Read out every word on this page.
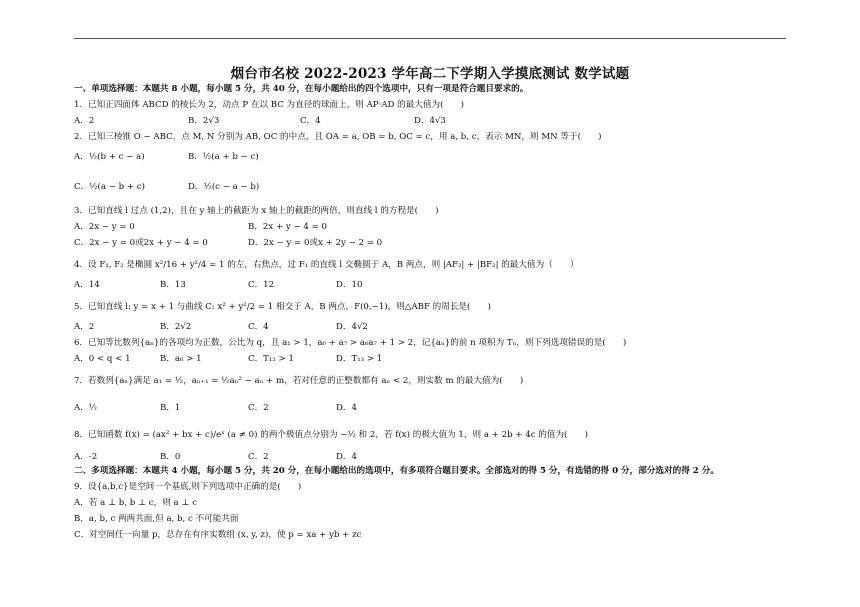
烟台市名校 2022-2023 学年高二下学期入学摸底测试 数学试题
一、单项选择题：本题共 8 小题，每小题 5 分，共 40 分，在每小题给出的四个选项中，只有一项是符合题目要求的。
1．已知正四面体 ABCD 的棱长为 2，动点 P 在以 BC 为直径的球面上，则 AP·AD 的最大值为(　　)
A．2	B．2√3	C．4	D．4√3
2．已知三棱锥 O − ABC，点 M, N 分别为 AB, OC 的中点，且 OA = a, OB = b, OC = c，用 a, b, c，表示 MN，则 MN 等于(　　)
A．½(b + c − a)	B．½(a + b − c)
C．½(a − b + c)	D．½(c − a − b)
3．已知直线 l 过点 (1,2)，且在 y 轴上的截距为 x 轴上的截距的两倍，则直线 l 的方程是(　　)
A．2x − y = 0	B．2x + y − 4 = 0
C．2x − y = 0或2x + y − 4 = 0	D．2x − y = 0或x + 2y − 2 = 0
4．设 F₁, F₂ 是椭圆 x²/16 + y²/4 = 1 的左，右焦点，过 F₁ 的直线 l 交椭圆于 A，B 两点，则 |AF₂| + |BF₂| 的最大值为（　　）
A．14	B．13	C．12	D．10
5．已知直线 l: y = x + 1 与曲线 C: x² + y²/2 = 1 相交于 A，B 两点，F(0,−1)，则△ABF 的周长是(　　)
A．2	B．2√2	C．4	D．4√2
6．已知等比数列{aₙ}的各项均为正数，公比为 q，且 a₁ > 1，a₆ + a₇ > a₆a₇ + 1 > 2，记{aₙ}的前 n 项积为 Tₙ，则下列选项错误的是(　　)
A．0 < q < 1	B．a₆ > 1	C．T₁₂ > 1	D．T₁₃ > 1
7．若数列{aₙ}满足 a₁ = ½，aₙ₊₁ = ½aₙ² − aₙ + m，若对任意的正整数都有 aₙ < 2，则实数 m 的最大值为(　　)
A．½	B．1	C．2	D．4
8．已知函数 f(x) = (ax² + bx + c)/eˣ (a ≠ 0) 的两个极值点分别为 −½ 和 2，若 f(x) 的极大值为 1，则 a + 2b + 4c 的值为(　　)
A．-2	B．0	C．2	D．4
二、多项选择题：本题共 4 小题，每小题 5 分，共 20 分，在每小题给出的选项中，有多项符合题目要求。全部选对的得 5 分，有选错的得 0 分，部分选对的得 2 分。
9．设{a,b,c}是空间一个基底,则下列选项中正确的是(　　)
A．若 a ⊥ b, b ⊥ c，则 a ⊥ c
B．a, b, c 两两共面,但 a, b, c 不可能共面
C．对空间任一向量 p，总存在有序实数组 (x, y, z)，使 p = xa + yb + zc
